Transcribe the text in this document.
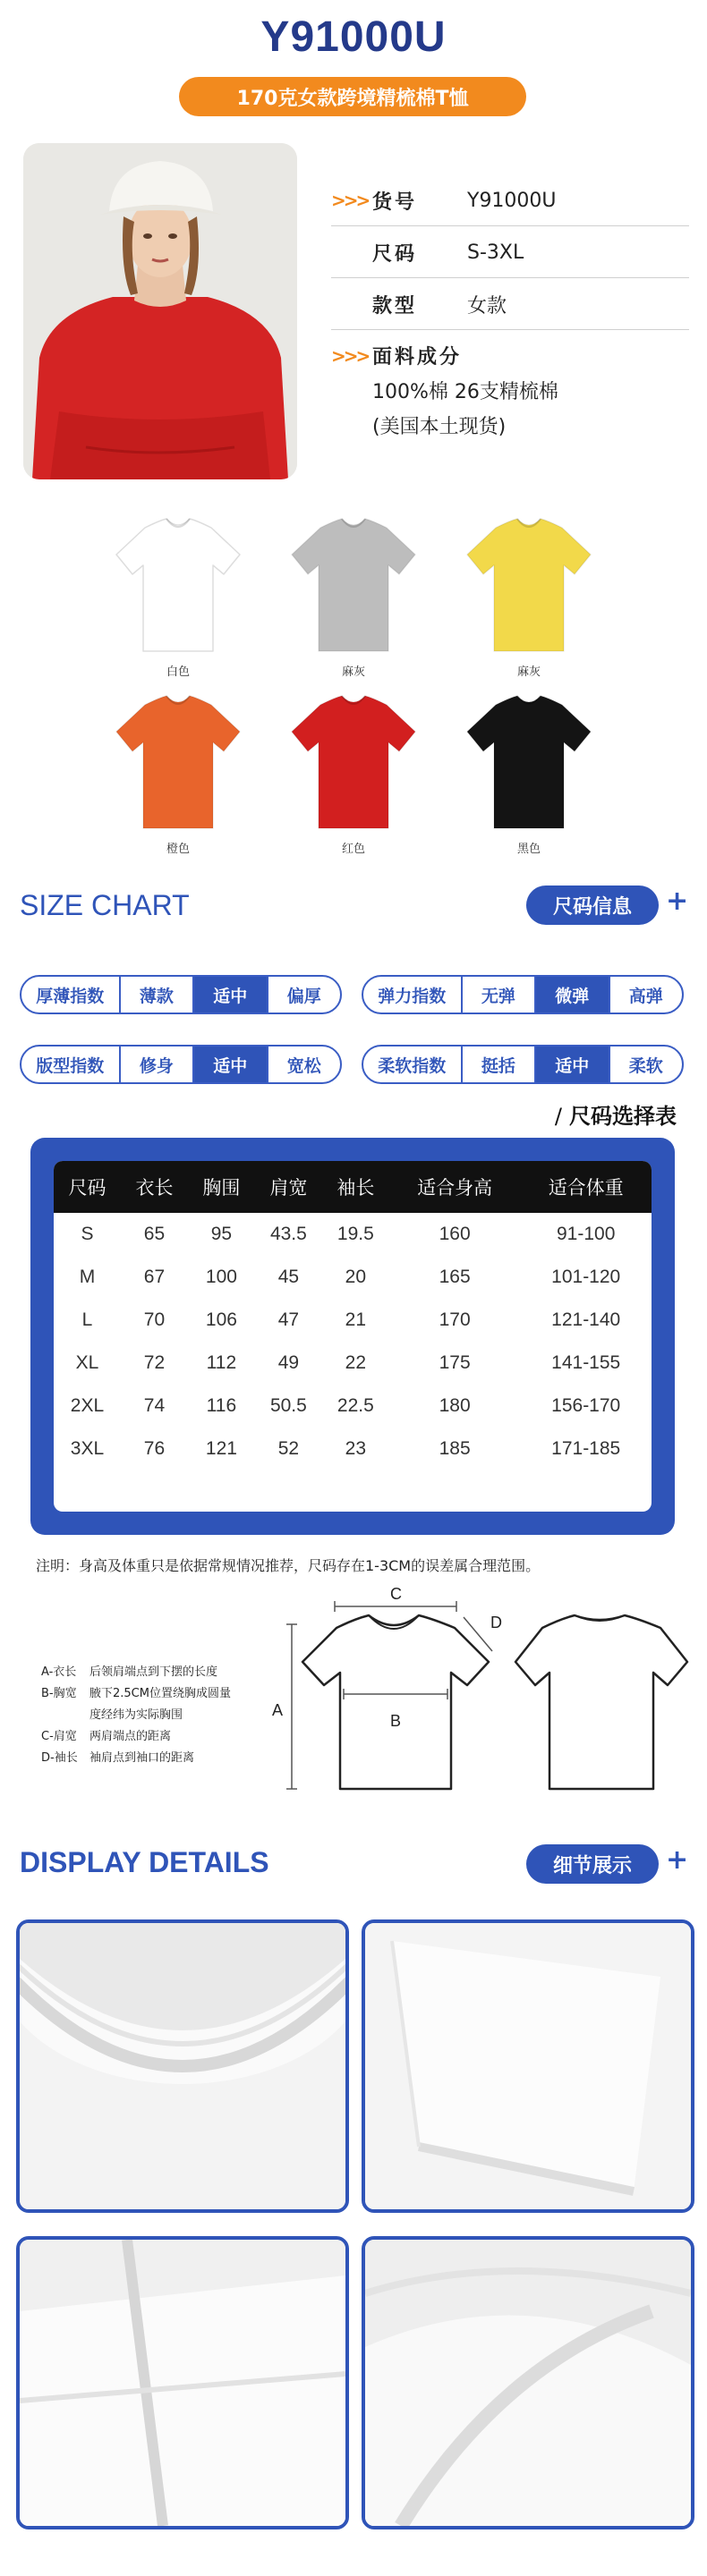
Y91000U
170克女款跨境精梳棉T恤
>>> 货号	Y91000U
尺码	S-3XL
款型	女款
>>> 面料成分
100%棉 26支精梳棉
(美国本土现货)
白色	麻灰	麻灰
橙色	红色	黑色
SIZE CHART	尺码信息	+
厚薄指数	薄款	适中	偏厚	弹力指数	无弹	微弹	高弹
版型指数	修身	适中	宽松	柔软指数	挺括	适中	柔软
/ 尺码选择表
尺码	衣长	胸围	肩宽	袖长	适合身高	适合体重
S	65	95	43.5	19.5	160	91-100
M	67	100	45	20	165	101-120
L	70	106	47	21	170	121-140
XL	72	112	49	22	175	141-155
2XL	74	116	50.5	22.5	180	156-170
3XL	76	121	52	23	185	171-185
注明：身高及体重只是依据常规情况推荐，尺码存在1-3CM的误差属合理范围。
A-衣长	后领肩端点到下摆的长度
B-胸宽	腋下2.5CM位置绕胸成圆量
度经纬为实际胸围
C-肩宽	两肩端点的距离
D-袖长	袖肩点到袖口的距离
A
B
C
D
DISPLAY DETAILS	细节展示	+
